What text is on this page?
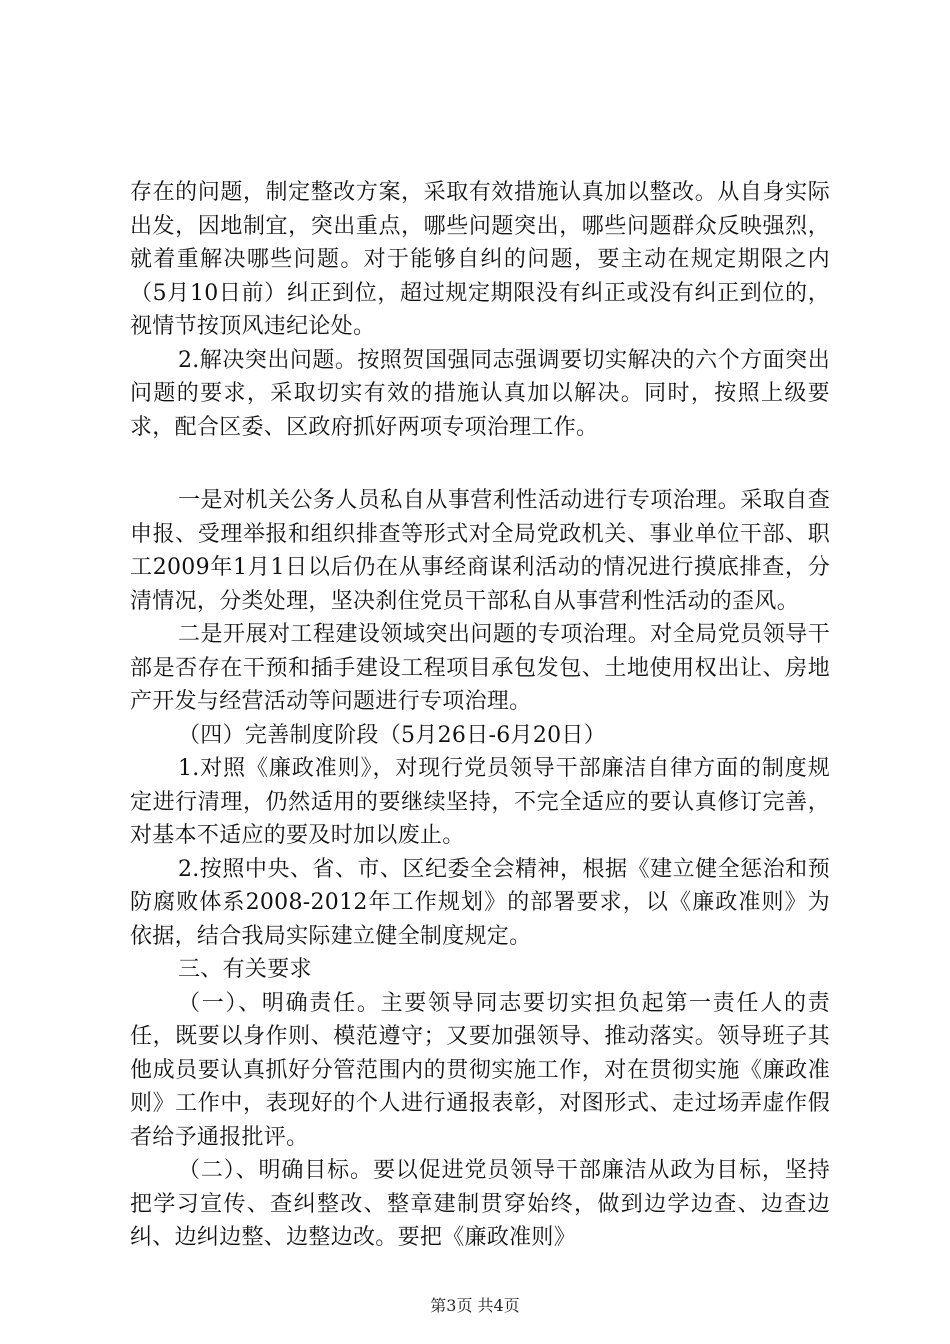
存在的问题，制定整改方案，采取有效措施认真加以整改。从自身实际出发，因地制宜，突出重点，哪些问题突出，哪些问题群众反映强烈，就着重解决哪些问题。对于能够自纠的问题，要主动在规定期限之内（5月10日前）纠正到位，超过规定期限没有纠正或没有纠正到位的，视情节按顶风违纪论处。

2.解决突出问题。按照贺国强同志强调要切实解决的六个方面突出问题的要求，采取切实有效的措施认真加以解决。同时，按照上级要求，配合区委、区政府抓好两项专项治理工作。

一是对机关公务人员私自从事营利性活动进行专项治理。采取自查申报、受理举报和组织排查等形式对全局党政机关、事业单位干部、职工2009年1月1日以后仍在从事经商谋利活动的情况进行摸底排查，分清情况，分类处理，坚决刹住党员干部私自从事营利性活动的歪风。

二是开展对工程建设领域突出问题的专项治理。对全局党员领导干部是否存在干预和插手建设工程项目承包发包、土地使用权出让、房地产开发与经营活动等问题进行专项治理。

（四）完善制度阶段（5月26日-6月20日）

1.对照《廉政准则》，对现行党员领导干部廉洁自律方面的制度规定进行清理，仍然适用的要继续坚持，不完全适应的要认真修订完善，对基本不适应的要及时加以废止。

2.按照中央、省、市、区纪委全会精神，根据《建立健全惩治和预防腐败体系2008-2012年工作规划》的部署要求，以《廉政准则》为依据，结合我局实际建立健全制度规定。

三、有关要求

（一）、明确责任。主要领导同志要切实担负起第一责任人的责任，既要以身作则、模范遵守；又要加强领导、推动落实。领导班子其他成员要认真抓好分管范围内的贯彻实施工作，对在贯彻实施《廉政准则》工作中，表现好的个人进行通报表彰，对图形式、走过场弄虚作假者给予通报批评。

（二）、明确目标。要以促进党员领导干部廉洁从政为目标，坚持把学习宣传、查纠整改、整章建制贯穿始终，做到边学边查、边查边纠、边纠边整、边整边改。要把《廉政准则》

第3页 共4页
